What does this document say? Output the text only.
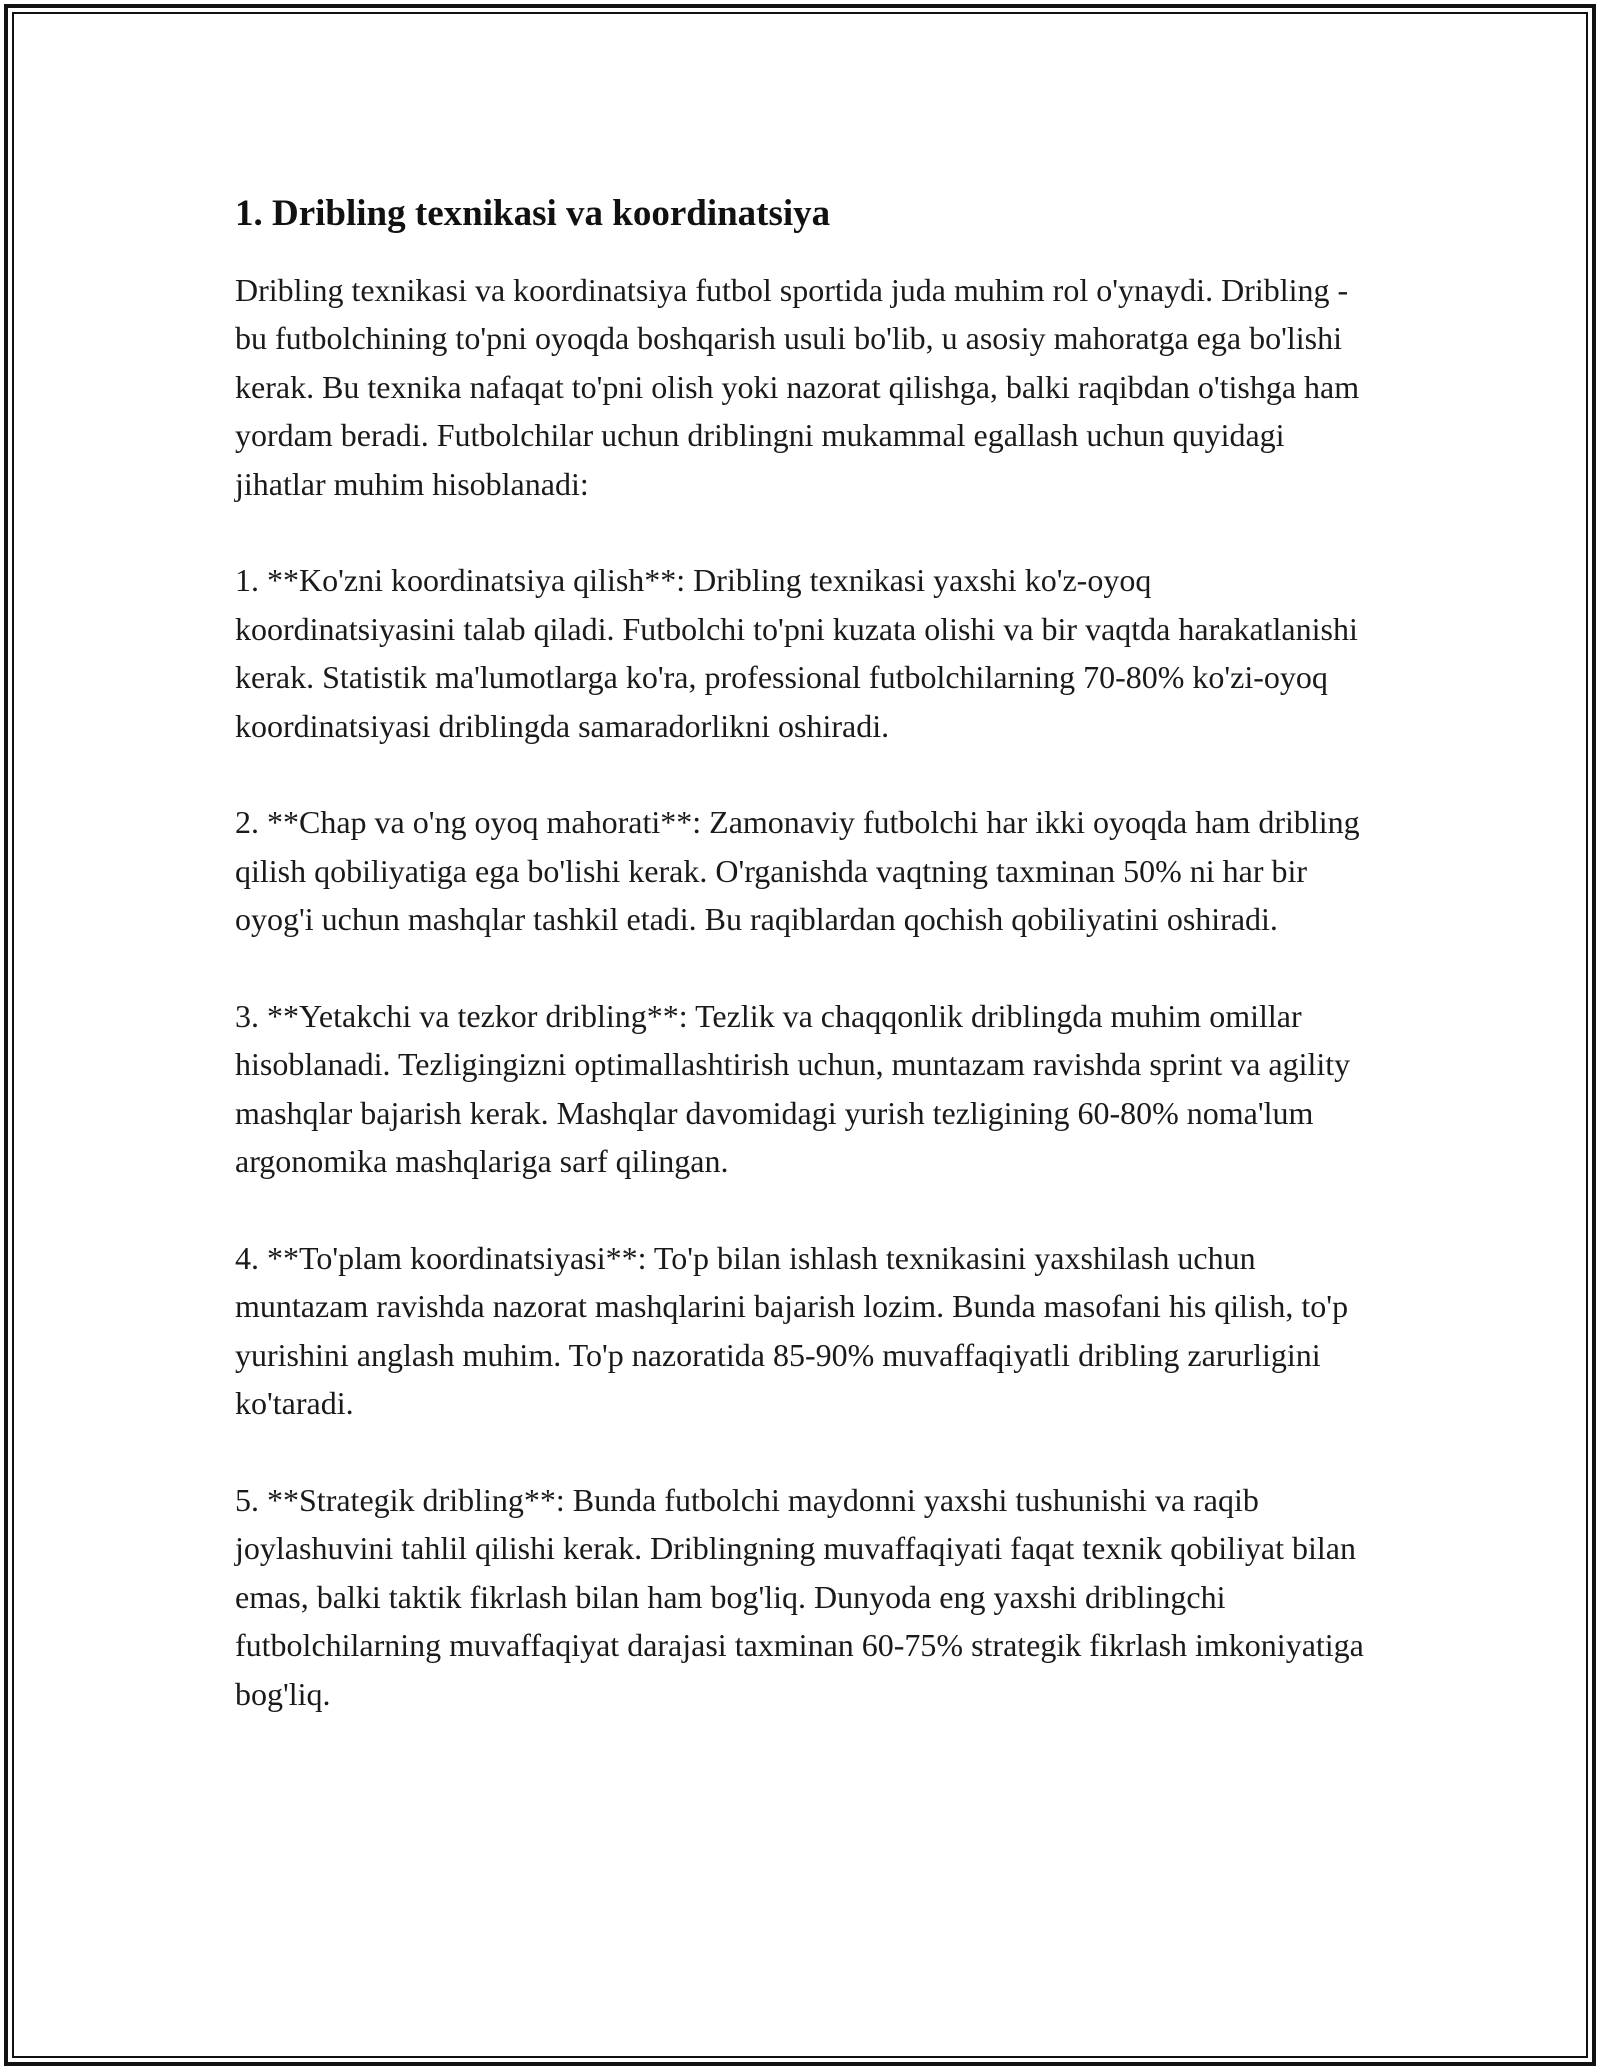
1. Dribling texnikasi va koordinatsiya

Dribling texnikasi va koordinatsiya futbol sportida juda muhim rol o'ynaydi. Dribling - bu futbolchining to'pni oyoqda boshqarish usuli bo'lib, u asosiy mahoratga ega bo'lishi kerak. Bu texnika nafaqat to'pni olish yoki nazorat qilishga, balki raqibdan o'tishga ham yordam beradi. Futbolchilar uchun driblingni mukammal egallash uchun quyidagi jihatlar muhim hisoblanadi:

1. **Ko'zni koordinatsiya qilish**: Dribling texnikasi yaxshi ko'z-oyoq koordinatsiyasini talab qiladi. Futbolchi to'pni kuzata olishi va bir vaqtda harakatlanishi kerak. Statistik ma'lumotlarga ko'ra, professional futbolchilarning 70-80% ko'zi-oyoq koordinatsiyasi driblingda samaradorlikni oshiradi.

2. **Chap va o'ng oyoq mahorati**: Zamonaviy futbolchi har ikki oyoqda ham dribling qilish qobiliyatiga ega bo'lishi kerak. O'rganishda vaqtning taxminan 50% ni har bir oyog'i uchun mashqlar tashkil etadi. Bu raqiblardan qochish qobiliyatini oshiradi.

3. **Yetakchi va tezkor dribling**: Tezlik va chaqqonlik driblingda muhim omillar hisoblanadi. Tezligingizni optimallashtirish uchun, muntazam ravishda sprint va agility mashqlar bajarish kerak. Mashqlar davomidagi yurish tezligining 60-80% noma'lum argonomika mashqlariga sarf qilingan.

4. **To'plam koordinatsiyasi**: To'p bilan ishlash texnikasini yaxshilash uchun muntazam ravishda nazorat mashqlarini bajarish lozim. Bunda masofani his qilish, to'p yurishini anglash muhim. To'p nazoratida 85-90% muvaffaqiyatli dribling zarurligini ko'taradi.

5. **Strategik dribling**: Bunda futbolchi maydonni yaxshi tushunishi va raqib joylashuvini tahlil qilishi kerak. Driblingning muvaffaqiyati faqat texnik qobiliyat bilan emas, balki taktik fikrlash bilan ham bog'liq. Dunyoda eng yaxshi driblingchi futbolchilarning muvaffaqiyat darajasi taxminan 60-75% strategik fikrlash imkoniyatiga bog'liq.
